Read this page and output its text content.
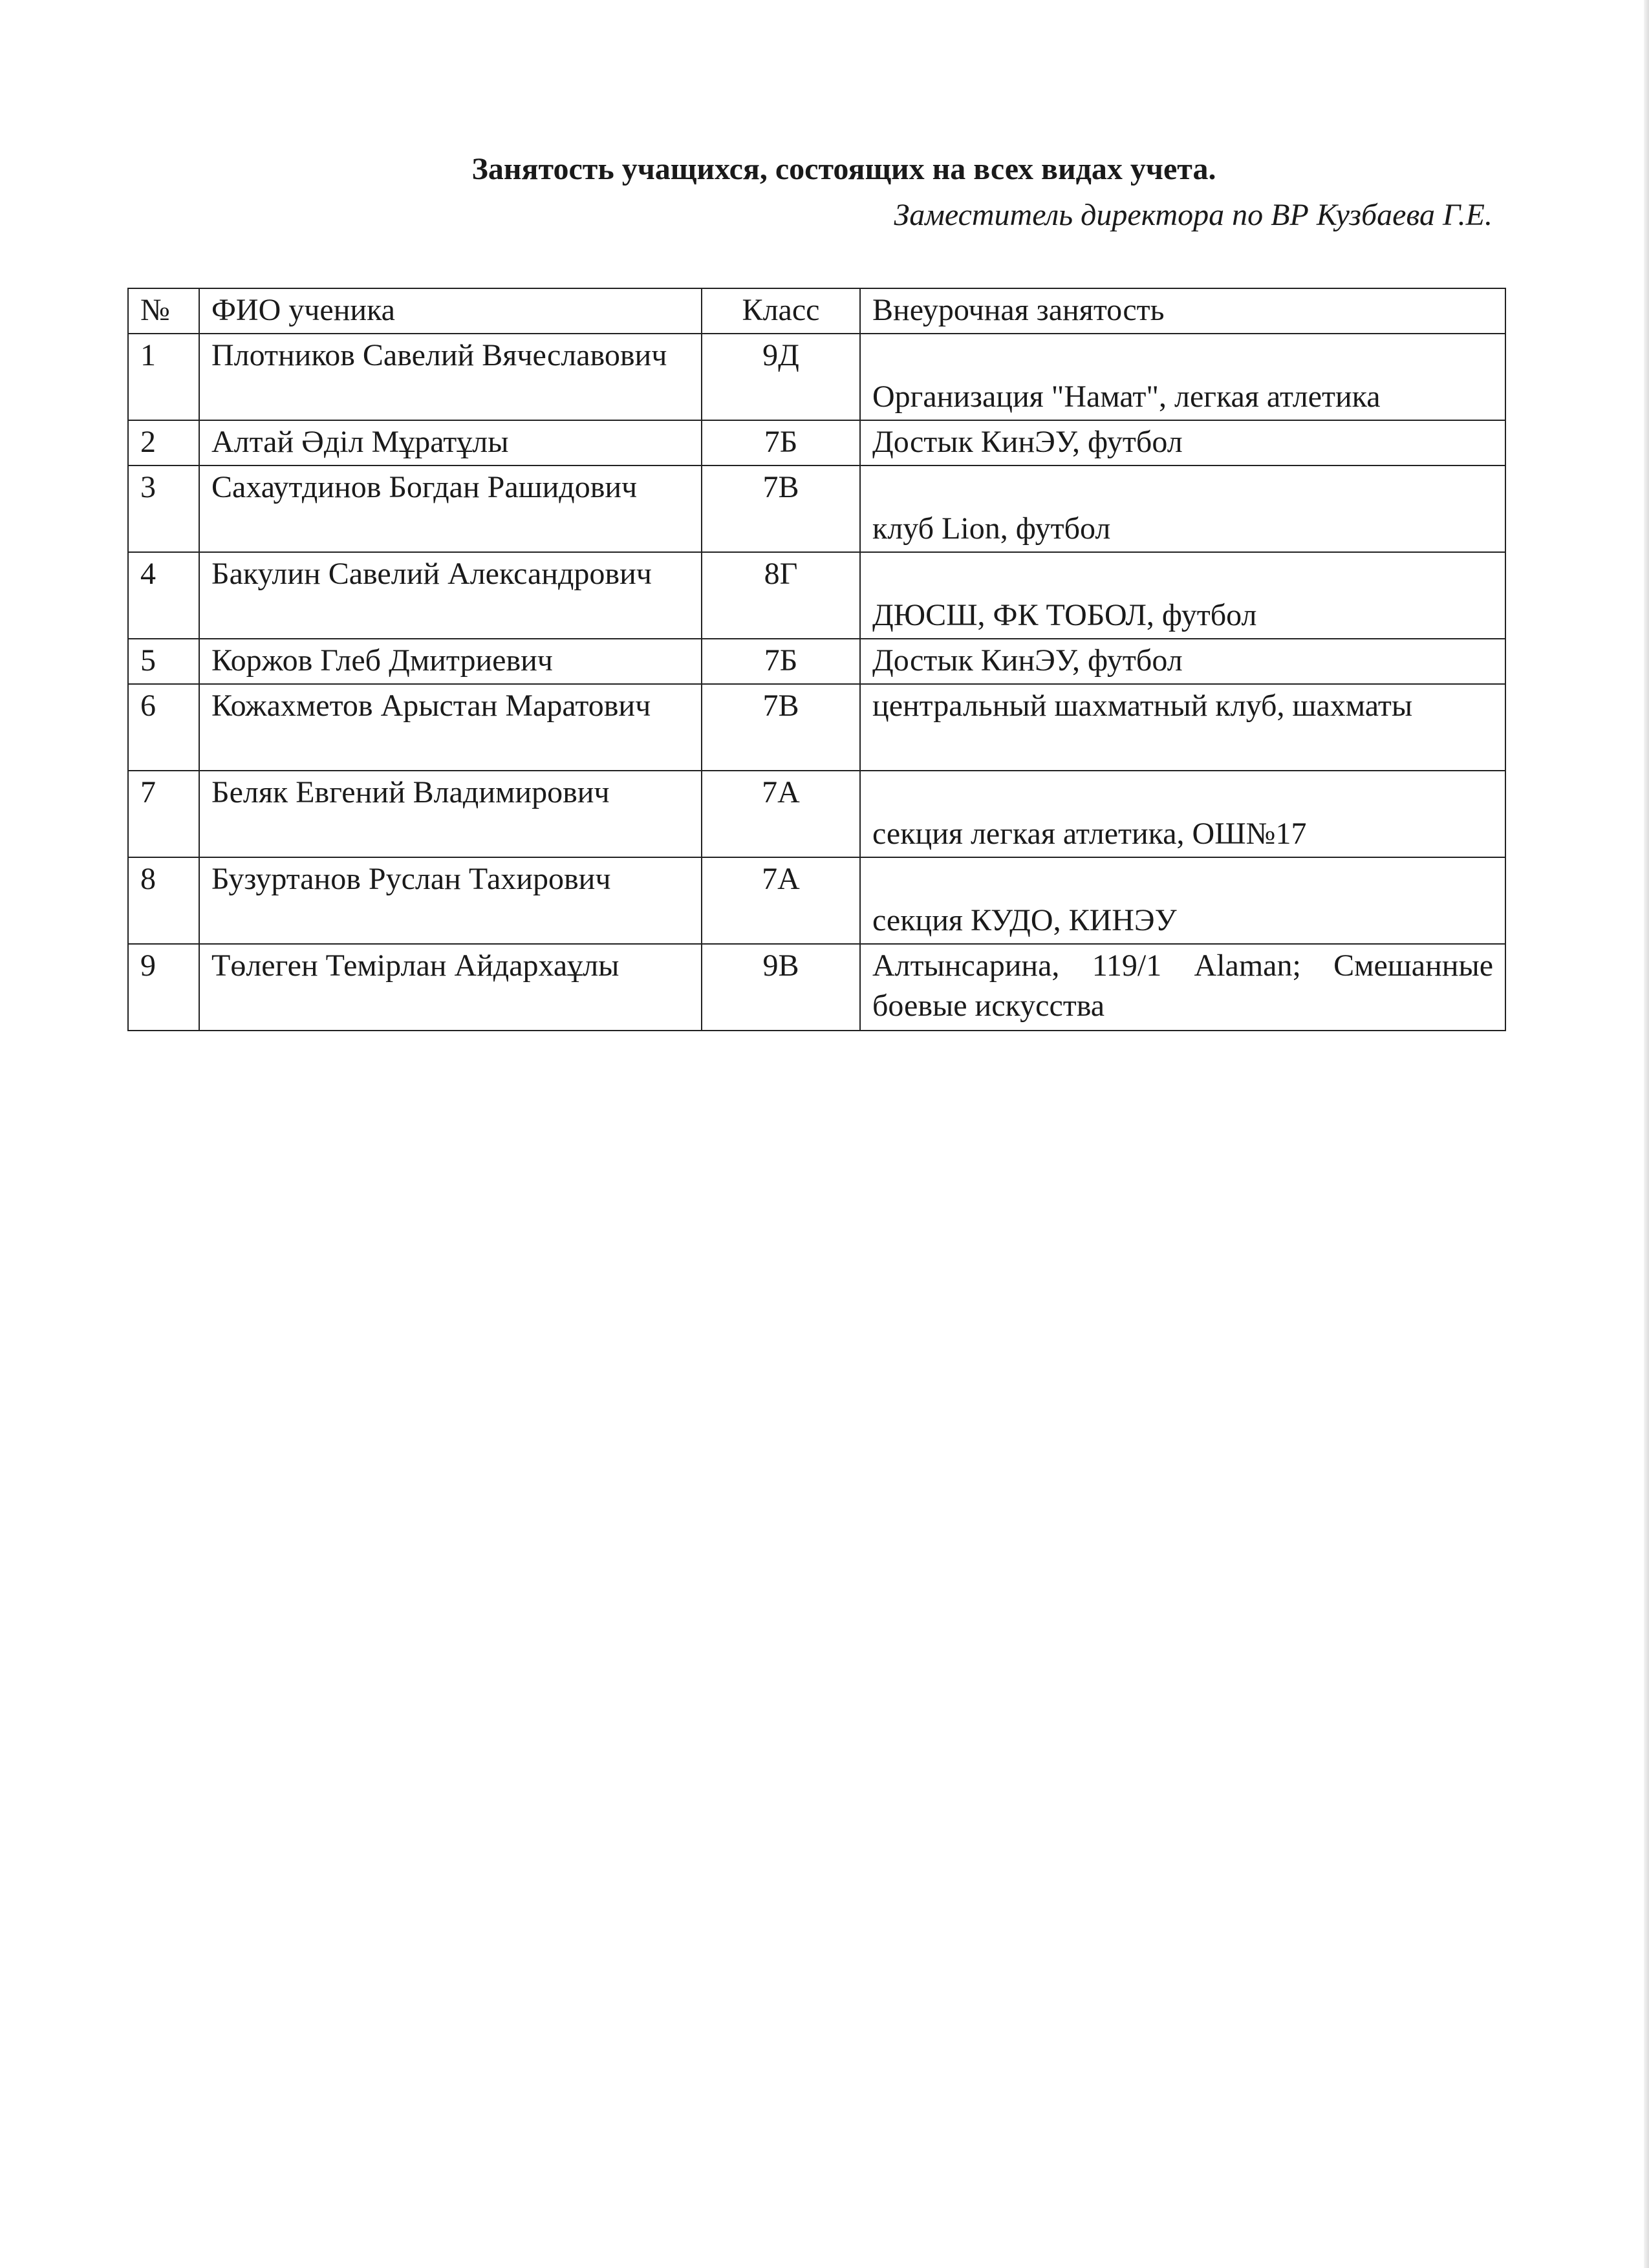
Занятость учащихся, состоящих на всех видах учета.
Заместитель директора по ВР Кузбаева Г.Е.
№	ФИО ученика	Класс	Внеурочная занятость
1	Плотников Савелий Вячеславович	9Д	Организация "Намат", легкая атлетика
2	Алтай Әділ Мұратұлы	7Б	Достык КинЭУ, футбол
3	Сахаутдинов Богдан Рашидович	7В	клуб Lion, футбол
4	Бакулин Савелий Александрович	8Г	ДЮСШ, ФК ТОБОЛ, футбол
5	Коржов Глеб Дмитриевич	7Б	Достык КинЭУ, футбол
6	Кожахметов Арыстан Маратович	7В	центральный шахматный клуб, шахматы
7	Беляк Евгений Владимирович	7А	секция легкая атлетика, ОШ№17
8	Бузуртанов Руслан Тахирович	7А	секция КУДО, КИНЭУ
9	Төлеген Темірлан Айдархаұлы	9В	Алтынсарина, 119/1 Alaman; Смешанные боевые искусства
